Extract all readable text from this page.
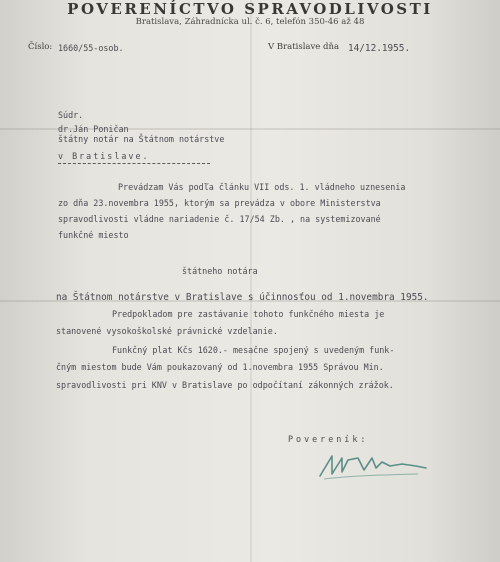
POVERENÍCTVO SPRAVODLIVOSTI
Bratislava, Záhradnícka ul. č. 6, telefón 350-46 až 48
Číslo: 1660/55-osob.	V Bratislave dňa 14/12.1955.
Súdr.
dr.Ján Poničan
štátny notár na Štátnom notárstve
v Bratislave.
Prevádzam Vás podľa článku VII ods. 1. vládneho uznesenia
zo dňa 23.novembra 1955, ktorým sa prevádza v obore Ministerstva
spravodlivosti vládne nariadenie č. 17/54 Zb. , na systemizované
funkčné miesto
štátneho notára
na Štátnom notárstve v Bratislave s účinnosťou od 1.novembra 1955.
Predpokladom pre zastávanie tohoto funkčného miesta je
stanovené vysokoškolské právnické vzdelanie.
Funkčný plat Kčs 1620.- mesačne spojený s uvedeným funk-
čným miestom bude Vám poukazovaný od 1.novembra 1955 Správou Min.
spravodlivosti pri KNV v Bratislave po odpočítaní zákonných zrážok.
Povereník:
